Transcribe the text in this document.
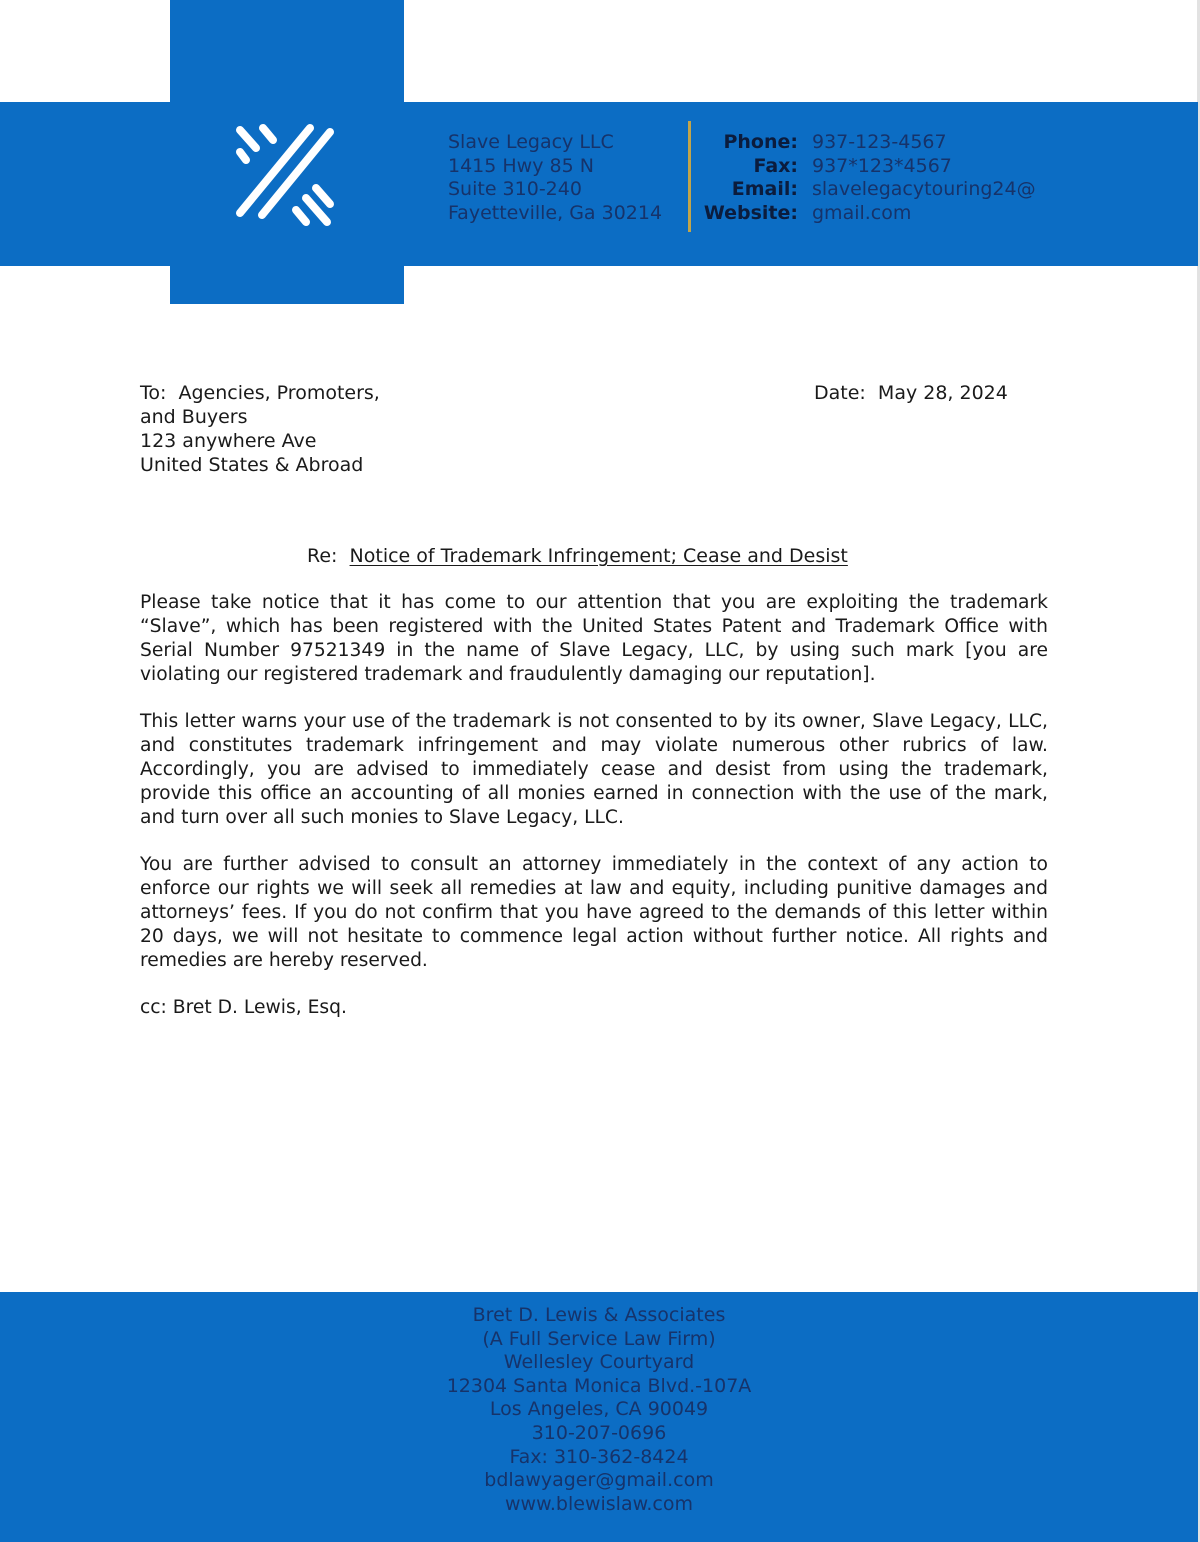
Slave Legacy LLC
1415 Hwy 85 N
Suite 310-240
Fayetteville, Ga 30214
Phone: 937-123-4567
Fax: 937*123*4567
Email: slavelegacytouring24@
Website: gmail.com
To: Agencies, Promoters,
and Buyers
123 anywhere Ave
United States & Abroad
Date: May 28, 2024
Re: Notice of Trademark Infringement; Cease and Desist

Please take notice that it has come to our attention that you are exploiting the trademark “Slave”, which has been registered with the United States Patent and Trademark Office with Serial Number 97521349 in the name of Slave Legacy, LLC, by using such mark [you are violating our registered trademark and fraudulently damaging our reputation].

This letter warns your use of the trademark is not consented to by its owner, Slave Legacy, LLC, and constitutes trademark infringement and may violate numerous other rubrics of law. Accordingly, you are advised to immediately cease and desist from using the trademark, provide this office an accounting of all monies earned in connection with the use of the mark, and turn over all such monies to Slave Legacy, LLC.

You are further advised to consult an attorney immediately in the context of any action to enforce our rights we will seek all remedies at law and equity, including punitive damages and attorneys’ fees. If you do not confirm that you have agreed to the demands of this letter within 20 days, we will not hesitate to commence legal action without further notice. All rights and remedies are hereby reserved.

cc: Bret D. Lewis, Esq.

Bret D. Lewis & Associates
(A Full Service Law Firm)
Wellesley Courtyard
12304 Santa Monica Blvd.-107A
Los Angeles, CA 90049
310-207-0696
Fax: 310-362-8424
bdlawyager@gmail.com
www.blewislaw.com
